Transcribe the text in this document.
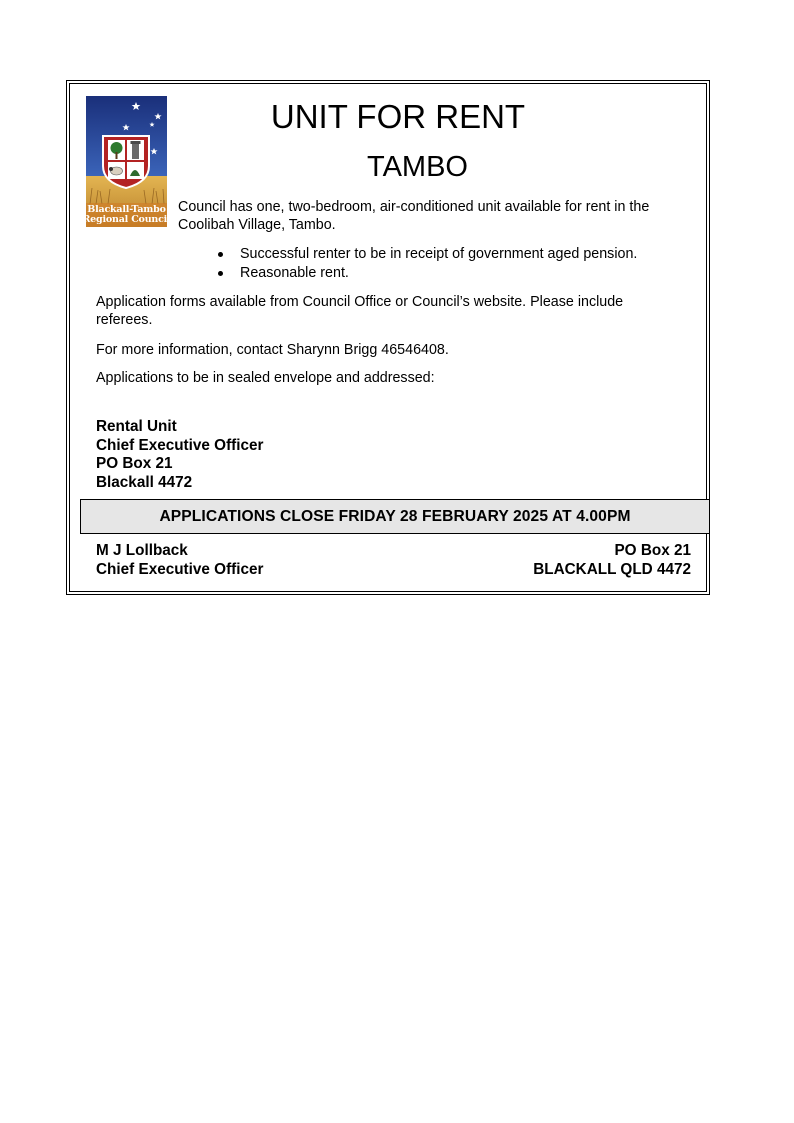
Blackall-Tambo
Regional Council
UNIT FOR RENT
TAMBO

Council has one, two-bedroom, air-conditioned unit available for rent in the Coolibah Village, Tambo.

Successful renter to be in receipt of government aged pension.
Reasonable rent.

Application forms available from Council Office or Council’s website. Please include referees.

For more information, contact Sharynn Brigg 46546408.

Applications to be in sealed envelope and addressed:

Rental Unit
Chief Executive Officer
PO Box 21
Blackall 4472
APPLICATIONS CLOSE FRIDAY 28 FEBRUARY 2025 AT 4.00PM
M J Lollback
Chief Executive Officer
PO Box 21
BLACKALL QLD 4472
